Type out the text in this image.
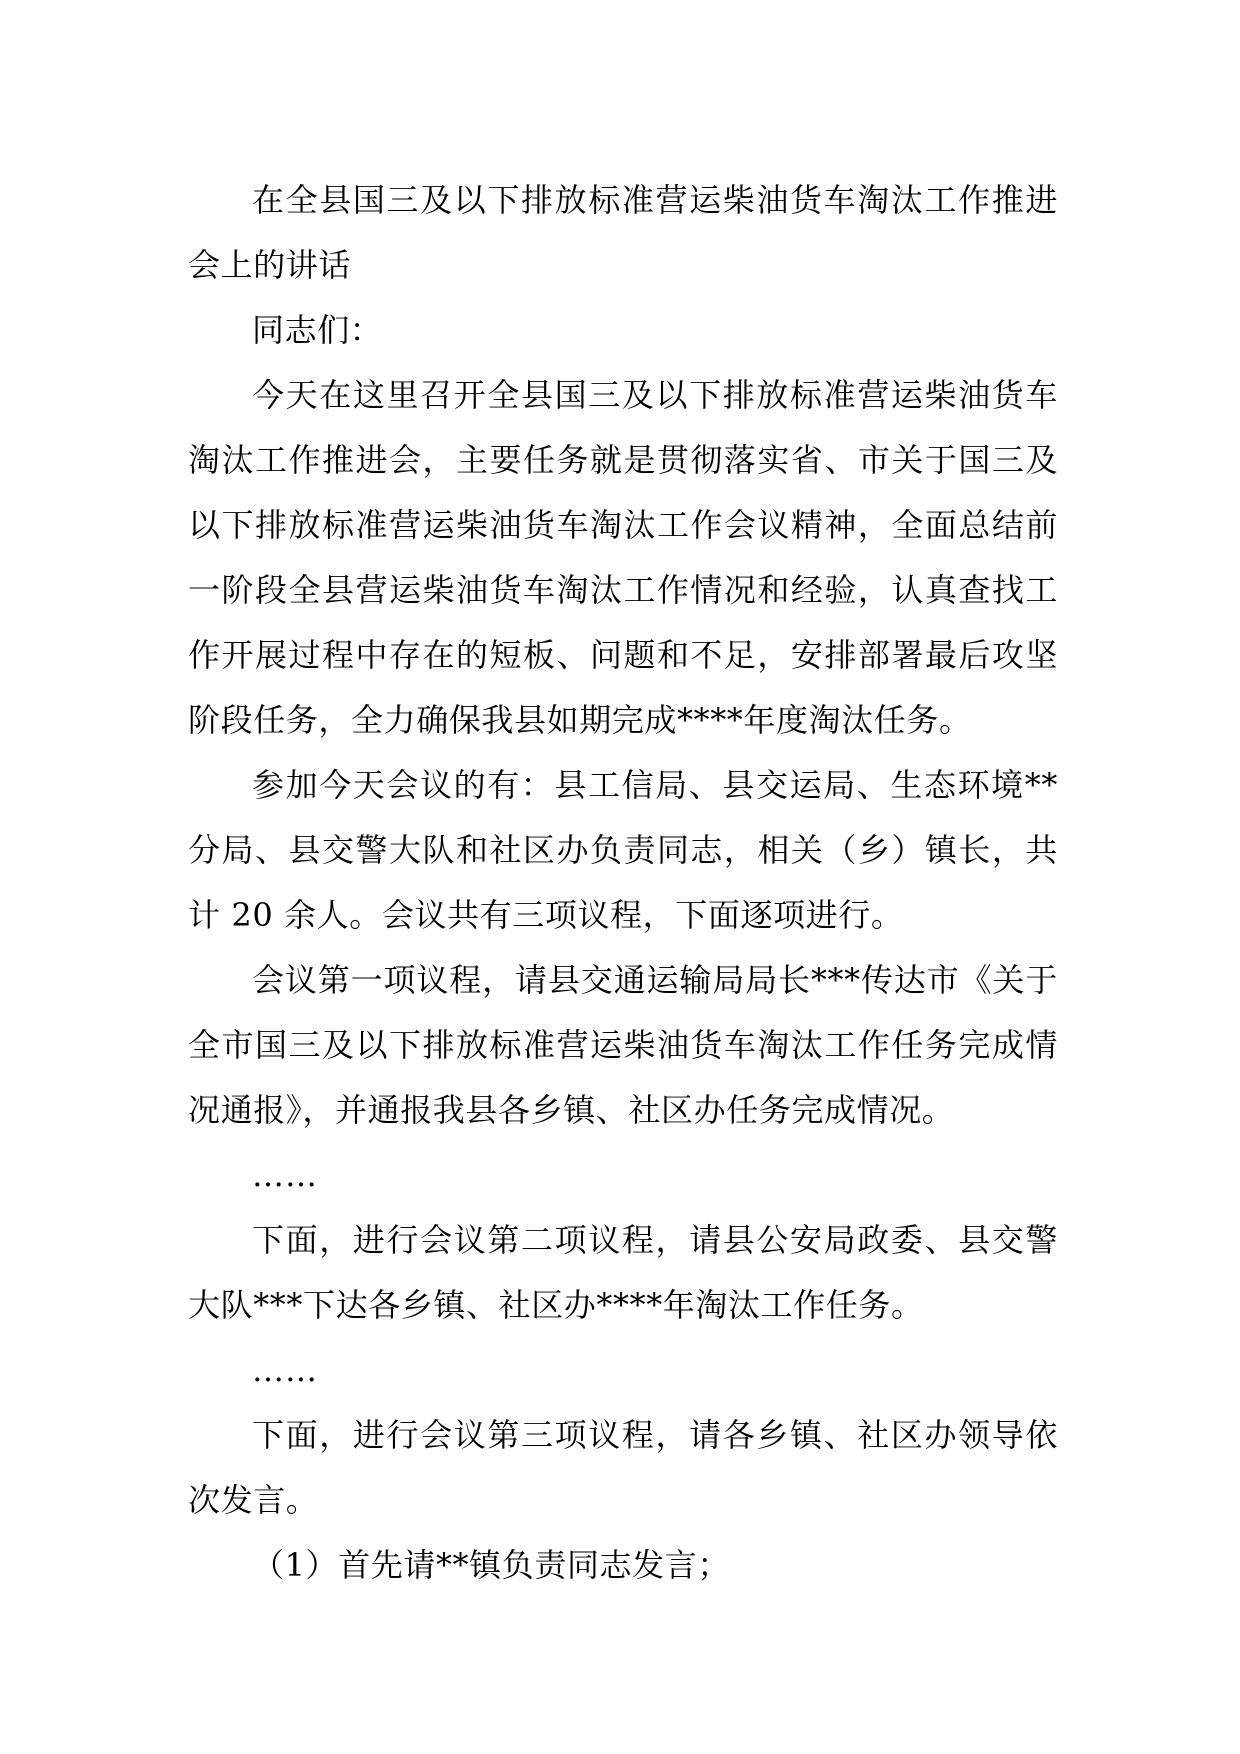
在全县国三及以下排放标准营运柴油货车淘汰工作推进会上的讲话

同志们：

今天在这里召开全县国三及以下排放标准营运柴油货车淘汰工作推进会，主要任务就是贯彻落实省、市关于国三及以下排放标准营运柴油货车淘汰工作会议精神，全面总结前一阶段全县营运柴油货车淘汰工作情况和经验，认真查找工作开展过程中存在的短板、问题和不足，安排部署最后攻坚阶段任务，全力确保我县如期完成****年度淘汰任务。

参加今天会议的有：县工信局、县交运局、生态环境**分局、县交警大队和社区办负责同志，相关（乡）镇长，共计 20 余人。会议共有三项议程，下面逐项进行。

会议第一项议程，请县交通运输局局长***传达市《关于全市国三及以下排放标准营运柴油货车淘汰工作任务完成情况通报》，并通报我县各乡镇、社区办任务完成情况。

……

下面，进行会议第二项议程，请县公安局政委、县交警大队***下达各乡镇、社区办****年淘汰工作任务。

……

下面，进行会议第三项议程，请各乡镇、社区办领导依次发言。

（1）首先请**镇负责同志发言；
